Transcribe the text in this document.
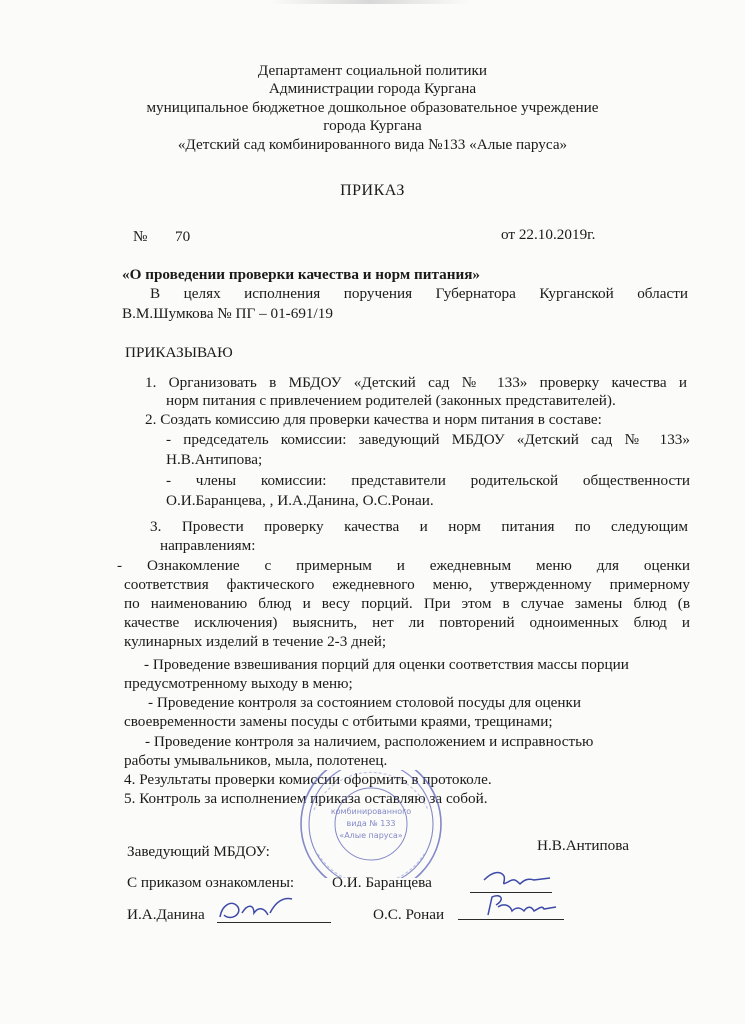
Департамент социальной политики
Администрации города Кургана
муниципальное бюджетное дошкольное образовательное учреждение
города Кургана
«Детский сад комбинированного вида №133 «Алые паруса»
ПРИКАЗ
№ 70	от 22.10.2019г.
«О проведении проверки качества и норм питания»
В целях исполнения поручения Губернатора Курганской области
В.М.Шумкова № ПГ – 01-691/19
ПРИКАЗЫВАЮ
1. Организовать в МБДОУ «Детский сад № 133» проверку качества и
норм питания с привлечением родителей (законных представителей).
2. Создать комиссию для проверки качества и норм питания в составе:
- председатель комиссии: заведующий МБДОУ «Детский сад № 133»
Н.В.Антипова;
- члены комиссии: представители родительской общественности
О.И.Баранцева, , И.А.Данина, О.С.Ронаи.
3. Провести проверку качества и норм питания по следующим
направлениям:
- Ознакомление с примерным и ежедневным меню для оценки
соответствия фактического ежедневного меню, утвержденному примерному
по наименованию блюд и весу порций. При этом в случае замены блюд (в
качестве исключения) выяснить, нет ли повторений одноименных блюд и
кулинарных изделий в течение 2-3 дней;
- Проведение взвешивания порций для оценки соответствия массы порции
предусмотренному выходу в меню;
- Проведение контроля за состоянием столовой посуды для оценки
своевременности замены посуды с отбитыми краями, трещинами;
- Проведение контроля за наличием, расположением и исправностью
работы умывальников, мыла, полотенец.
4. Результаты проверки комиссии оформить в протоколе.
5. Контроль за исполнением приказа оставляю за собой.
комбинированного
вида № 133
«Алые паруса»
Заведующий МБДОУ:	Н.В.Антипова
С приказом ознакомлены: О.И. Баранцева
И.А.Данина	О.С. Ронаи
